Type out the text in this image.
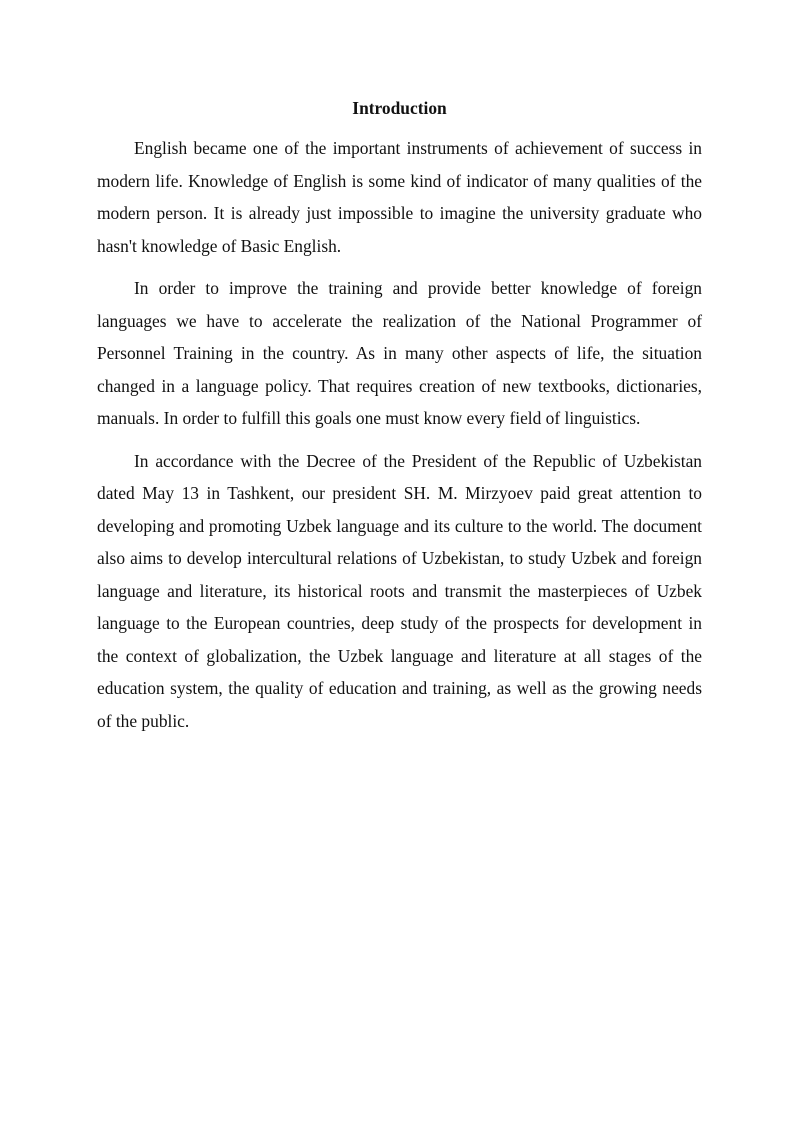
Introduction

English became one of the important instruments of achievement of success in modern life. Knowledge of English is some kind of indicator of many qualities of the modern person. It is already just impossible to imagine the university graduate who hasn't knowledge of Basic English.

In order to improve the training and provide better knowledge of foreign languages we have to accelerate the realization of the National Programmer of Personnel Training in the country. As in many other aspects of life, the situation changed in a language policy. That requires creation of new textbooks, dictionaries, manuals. In order to fulfill this goals one must know every field of linguistics.

In accordance with the Decree of the President of the Republic of Uzbekistan dated May 13 in Tashkent, our president SH. M. Mirzyoev paid great attention to developing and promoting Uzbek language and its culture to the world. The document also aims to develop intercultural relations of Uzbekistan, to study Uzbek and foreign language and literature, its historical roots and transmit the masterpieces of Uzbek language to the European countries, deep study of the prospects for development in the context of globalization, the Uzbek language and literature at all stages of the education system, the quality of education and training, as well as the growing needs of the public.
